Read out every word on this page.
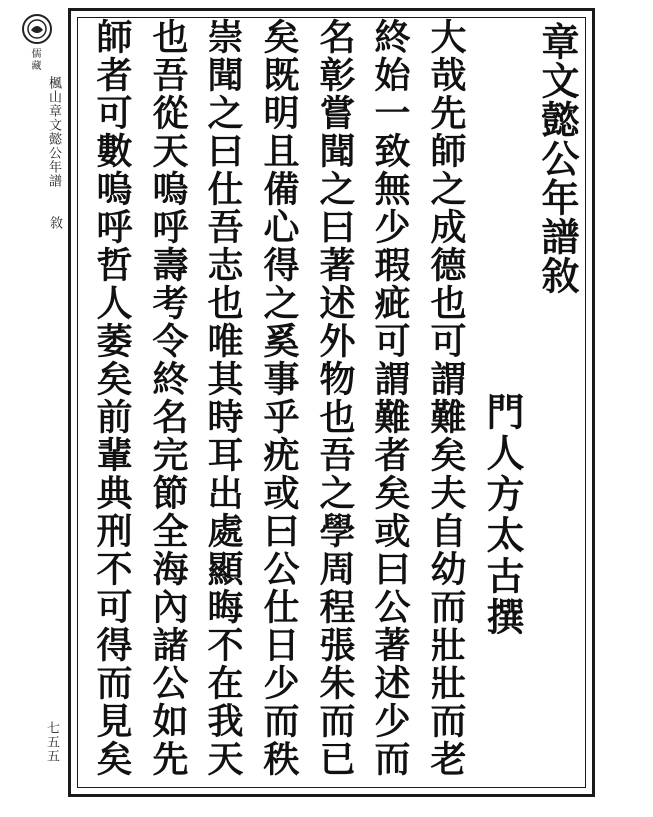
儒藏
楓山章文懿公年譜
敘
七五五
章文懿公年譜敘
門人方太古撰
大哉先師之成德也可謂難矣夫自幼而壯壯而老
終始一致無少瑕疵可謂難者矣或曰公著述少而
名彰嘗聞之曰著述外物也吾之學周程張朱而已
矣既明且備心得之奚事乎疣或曰公仕日少而秩
崇聞之曰仕吾志也唯其時耳出處顯晦不在我天
也吾從天嗚呼壽考令終名完節全海內諸公如先
師者可數嗚呼哲人萎矣前輩典刑不可得而見矣
